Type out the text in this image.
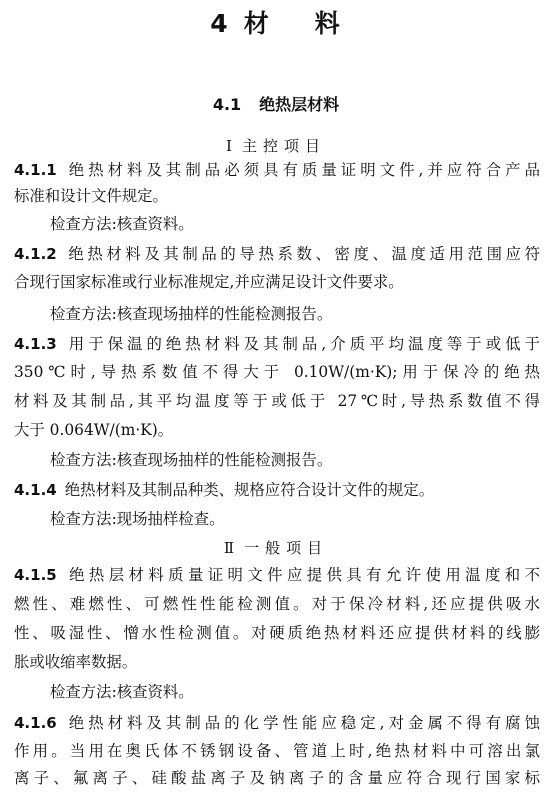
4 材 料
4.1 绝热层材料
Ⅰ 主控项目
4.1.1 绝热材料及其制品必须具有质量证明文件,并应符合产品
标准和设计文件规定。
检查方法:核查资料。
4.1.2 绝热材料及其制品的导热系数、密度、温度适用范围应符
合现行国家标准或行业标准规定,并应满足设计文件要求。
检查方法:核查现场抽样的性能检测报告。
4.1.3 用于保温的绝热材料及其制品,介质平均温度等于或低于
350℃时,导热系数值不得大于 0.10W/(m·K);用于保冷的绝热
材料及其制品,其平均温度等于或低于 27℃时,导热系数值不得
大于 0.064W/(m·K)。
检查方法:核查现场抽样的性能检测报告。
4.1.4 绝热材料及其制品种类、规格应符合设计文件的规定。
检查方法:现场抽样检查。
Ⅱ 一般项目
4.1.5 绝热层材料质量证明文件应提供具有允许使用温度和不
燃性、难燃性、可燃性性能检测值。对于保冷材料,还应提供吸水
性、吸湿性、憎水性检测值。对硬质绝热材料还应提供材料的线膨
胀或收缩率数据。
检查方法:核查资料。
4.1.6 绝热材料及其制品的化学性能应稳定,对金属不得有腐蚀
作用。当用在奥氏体不锈钢设备、管道上时,绝热材料中可溶出氯
离子、氟离子、硅酸盐离子及钠离子的含量应符合现行国家标
